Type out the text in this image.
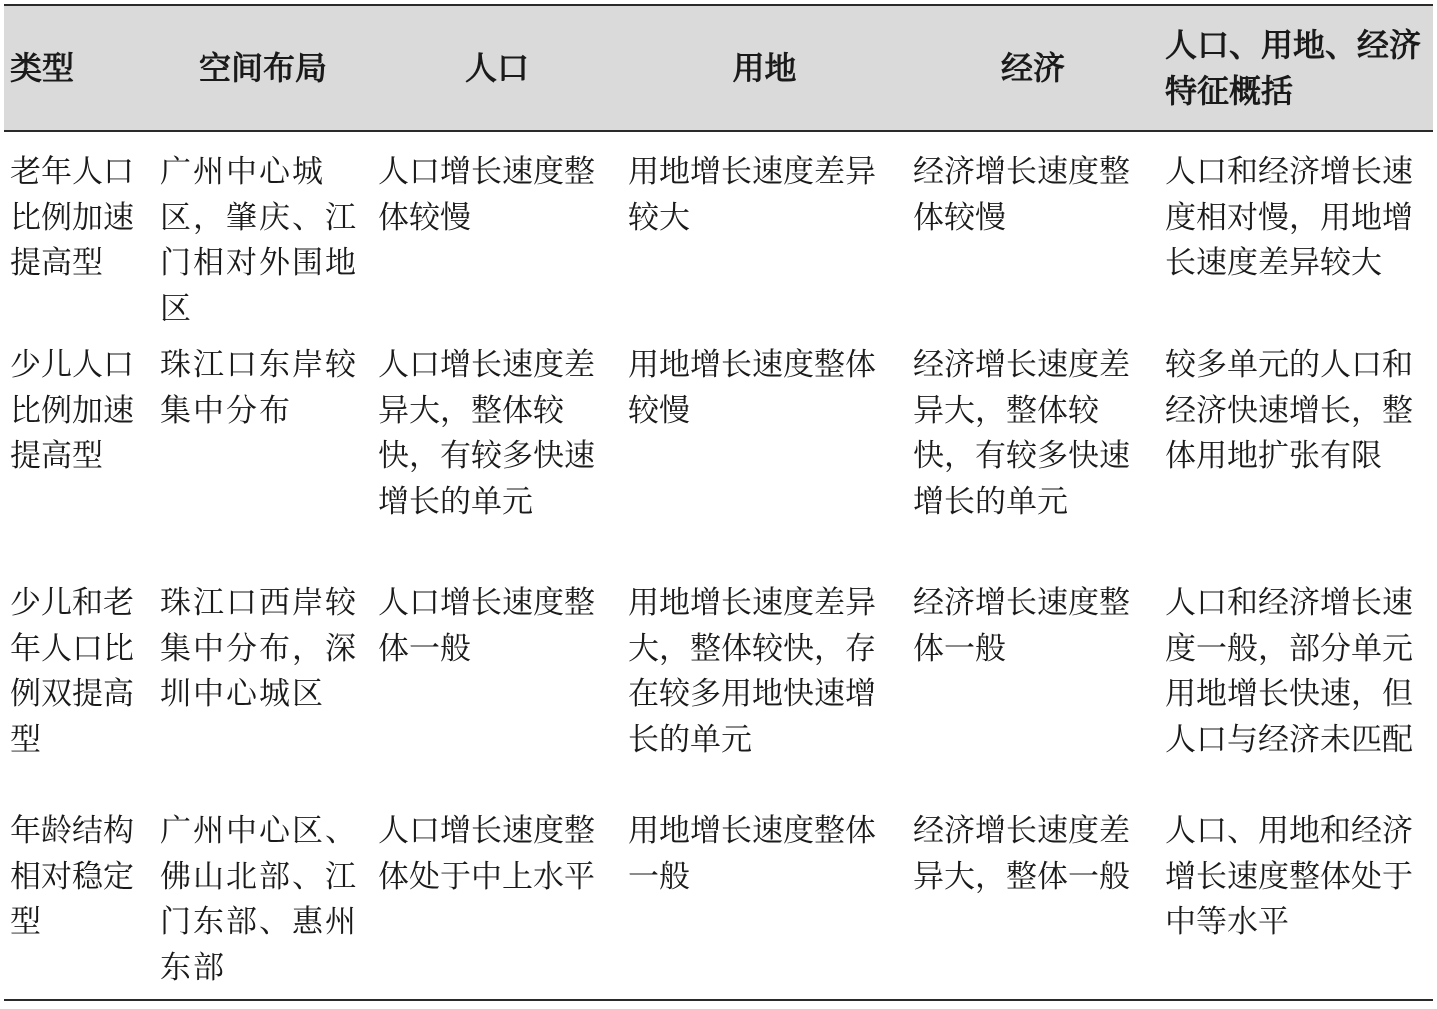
类型	空间布局	人口	用地	经济	人口、用地、经济特征概括
老年人口比例加速提高型	广州中心城区，肇庆、江门相对外围地区	人口增长速度整体较慢	用地增长速度差异较大	经济增长速度整体较慢	人口和经济增长速度相对慢，用地增长速度差异较大
少儿人口比例加速提高型	珠江口东岸较集中分布	人口增长速度差异大，整体较快，有较多快速增长的单元	用地增长速度整体较慢	经济增长速度差异大，整体较快，有较多快速增长的单元	较多单元的人口和经济快速增长，整体用地扩张有限
少儿和老年人口比例双提高型	珠江口西岸较集中分布，深圳中心城区	人口增长速度整体一般	用地增长速度差异大，整体较快，存在较多用地快速增长的单元	经济增长速度整体一般	人口和经济增长速度一般，部分单元用地增长快速，但人口与经济未匹配
年龄结构相对稳定型	广州中心区、佛山北部、江门东部、惠州东部	人口增长速度整体处于中上水平	用地增长速度整体一般	经济增长速度差异大，整体一般	人口、用地和经济增长速度整体处于中等水平
